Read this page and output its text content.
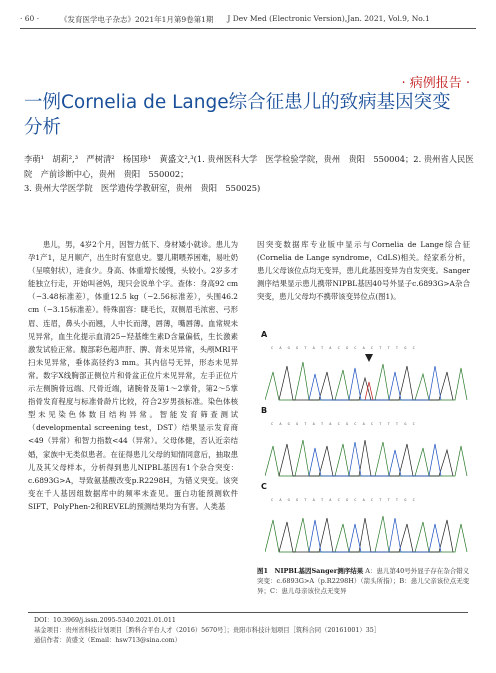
· 60 ·	《发育医学电子杂志》2021年1月第9卷第1期 J Dev Med (Electronic Version),Jan. 2021, Vol.9, No.1
· 病例报告 ·
一例Cornelia de Lange综合征患儿的致病基因突变分析
李萌¹　胡莉²,³　严树清²　杨国珍¹　黄盛文²,³(1. 贵州医科大学　医学检验学院，贵州　贵阳　550004；2. 贵州省人民医院　产前诊断中心，贵州　贵阳　550002；
3. 贵州大学医学院　医学遗传学教研室，贵州　贵阳　550025)
　　患儿，男，4岁2个月，因智力低下、身材矮小就诊。患儿为孕1产1，足月顺产，出生时有窒息史。婴儿期喂养困难，易吐奶（呈喷射状），进食少。身高、体重增长缓慢，头较小。2岁多才能独立行走，开始叫爸妈，现只会说单个字。查体：身高92 cm（−3.48标准差），体重12.5 kg（−2.56标准差），头围46.2 cm（−3.15标准差）。特殊面容：睫毛长，双侧眉毛浓密、弓形眉、连眉，鼻头小而翘，人中长而薄，唇薄，嘴唇薄。血常规未见异常，血生化提示血清25−羟基维生素D含量偏低，生长激素激发试验正常。腹部彩色超声肝、脾、肾未见异常，头颅MRI平扫未见异常，垂体高径约3 mm。其内信号无异，形态未见异常。数字X线胸部正侧位片和骨盆正位片未见异常，左手正位片示左侧腕骨远端、尺骨近端，诸腕骨及第1～2掌骨，第2～5掌指骨发育程度与标准骨龄片比较，符合2岁男孩标准。染色体核型未见染色体数目结构异常。智能发育筛查测试（developmental screening test，DST）结果显示发育商<49（异常）和智力指数<44（异常）。父母体健，否认近亲结婚，家族中无类似患者。在征得患儿父母的知情同意后，抽取患儿及其父母样本，分析得到患儿NIPBL基因有1个杂合突变：c.6893G>A，导致氨基酸改变p.R2298H，为错义突变。该突变在千人基因组数据库中的频率未查见。蛋白功能预测软件SIFT、PolyPhen-2和REVEL的预测结果均为有害。人类基
因突变数据库专业版中显示与Cornelia de Lange综合征(Cornelia de Lange syndrome，CdLS)相关。经家系分析，患儿父母该位点均无变异，患儿此基因变异为自发突变。Sanger测序结果显示患儿携带NIPBL基因40号外显子c.6893G>A杂合突变，患儿父母均不携带该变异位点(图1)。
A
C A G G T A T A C G C A C T T T G C
B
C A G G T A T A C G C A C T T T G C
C
C A G G T A T A C G C A C T T T G C
图1　NIPBL基因Sanger测序结果 A：患儿第40号外显子存在杂合错义突变：c.6893G>A（p.R2298H）（箭头所指）；B：患儿父亲该位点无变异；C：患儿母亲该位点无变异
DOI：10.3969/j.issn.2095-5340.2021.01.011
基金项目：贵州省科技计划项目［黔科合平台人才（2016）5670号］；贵阳市科技计划项目［筑科合同（20161001）35］
通信作者：黄盛文（Email：hsw713@sina.com）
